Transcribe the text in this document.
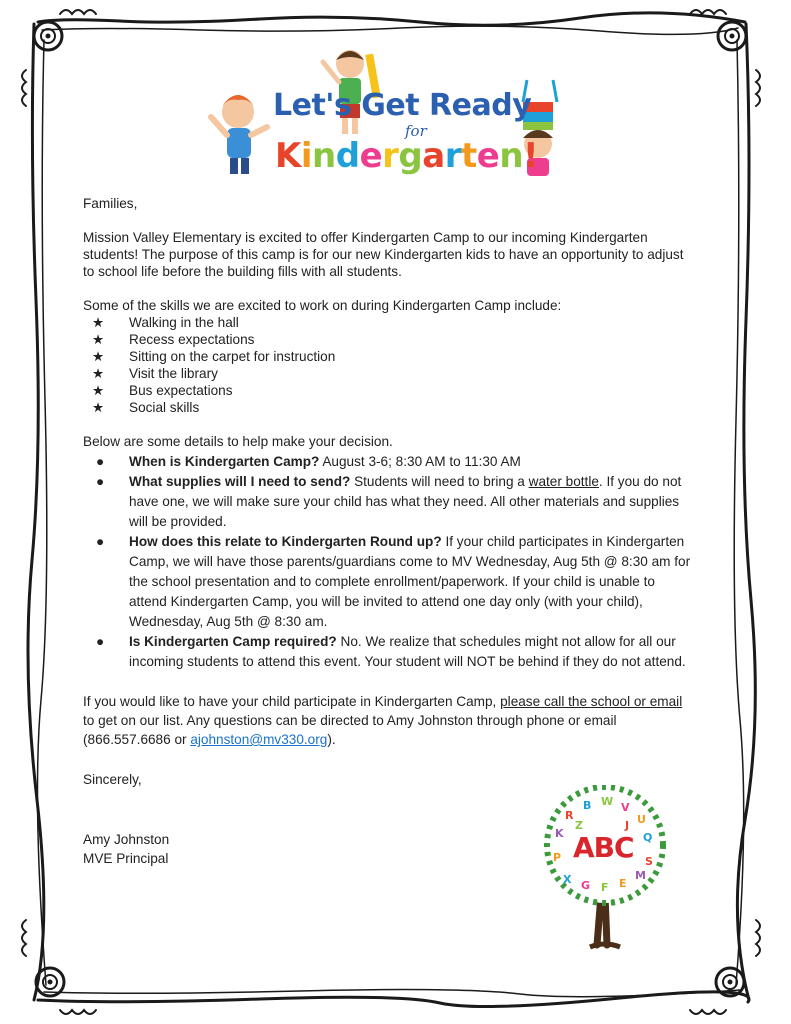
Let's Get Ready
for
Kindergarten!

Families,

Mission Valley Elementary is excited to offer Kindergarten Camp to our incoming Kindergarten students! The purpose of this camp is for our new Kindergarten kids to have an opportunity to adjust to school life before the building fills with all students.

Some of the skills we are excited to work on during Kindergarten Camp include:

★ Walking in the hall
★ Recess expectations
★ Sitting on the carpet for instruction
★ Visit the library
★ Bus expectations
★ Social skills

Below are some details to help make your decision.

● When is Kindergarten Camp? August 3-6; 8:30 AM to 11:30 AM
● What supplies will I need to send? Students will need to bring a water bottle. If you do not have one, we will make sure your child has what they need. All other materials and supplies will be provided.
● How does this relate to Kindergarten Round up? If your child participates in Kindergarten Camp, we will have those parents/guardians come to MV Wednesday, Aug 5th @ 8:30 am for the school presentation and to complete enrollment/paperwork. If your child is unable to attend Kindergarten Camp, you will be invited to attend one day only (with your child), Wednesday, Aug 5th @ 8:30 am.
● Is Kindergarten Camp required? No. We realize that schedules might not allow for all our incoming students to attend this event. Your student will NOT be behind if they do not attend.

If you would like to have your child participate in Kindergarten Camp, please call the school or email to get on our list. Any questions can be directed to Amy Johnston through phone or email (866.557.6686 or ajohnston@mv330.org).

Sincerely,

Amy Johnston

MVE Principal

R
B W V
U
K	Q
P	S
X G F E
M
Z	J
ABC
